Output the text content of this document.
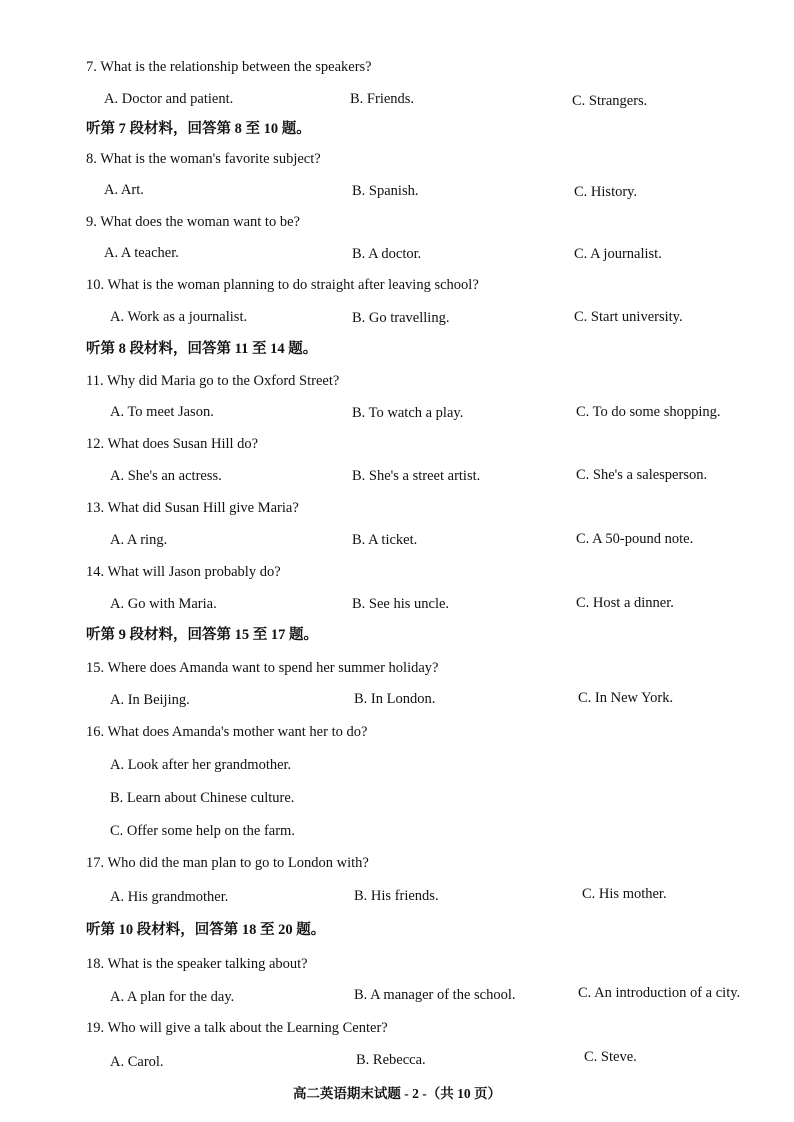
7. What is the relationship between the speakers?
A. Doctor and patient.	B. Friends.	C. Strangers.
听第 7 段材料，回答第 8 至 10 题。
8. What is the woman's favorite subject?
A. Art.	B. Spanish.	C. History.
9. What does the woman want to be?
A. A teacher.	B. A doctor.	C. A journalist.
10. What is the woman planning to do straight after leaving school?
A. Work as a journalist.	B. Go travelling.	C. Start university.
听第 8 段材料，回答第 11 至 14 题。
11. Why did Maria go to the Oxford Street?
A. To meet Jason.	B. To watch a play.	C. To do some shopping.
12. What does Susan Hill do?
A. She's an actress.	B. She's a street artist.	C. She's a salesperson.
13. What did Susan Hill give Maria?
A. A ring.	B. A ticket.	C. A 50-pound note.
14. What will Jason probably do?
A. Go with Maria.	B. See his uncle.	C. Host a dinner.
听第 9 段材料，回答第 15 至 17 题。
15. Where does Amanda want to spend her summer holiday?
A. In Beijing.	B. In London.	C. In New York.
16. What does Amanda's mother want her to do?
A. Look after her grandmother.
B. Learn about Chinese culture.
C. Offer some help on the farm.
17. Who did the man plan to go to London with?
A. His grandmother.	B. His friends.	C. His mother.
听第 10 段材料，回答第 18 至 20 题。
18. What is the speaker talking about?
A. A plan for the day.	B. A manager of the school.	C. An introduction of a city.
19. Who will give a talk about the Learning Center?
A. Carol.	B. Rebecca.	C. Steve.
高二英语期末试题 - 2 -（共 10 页）
